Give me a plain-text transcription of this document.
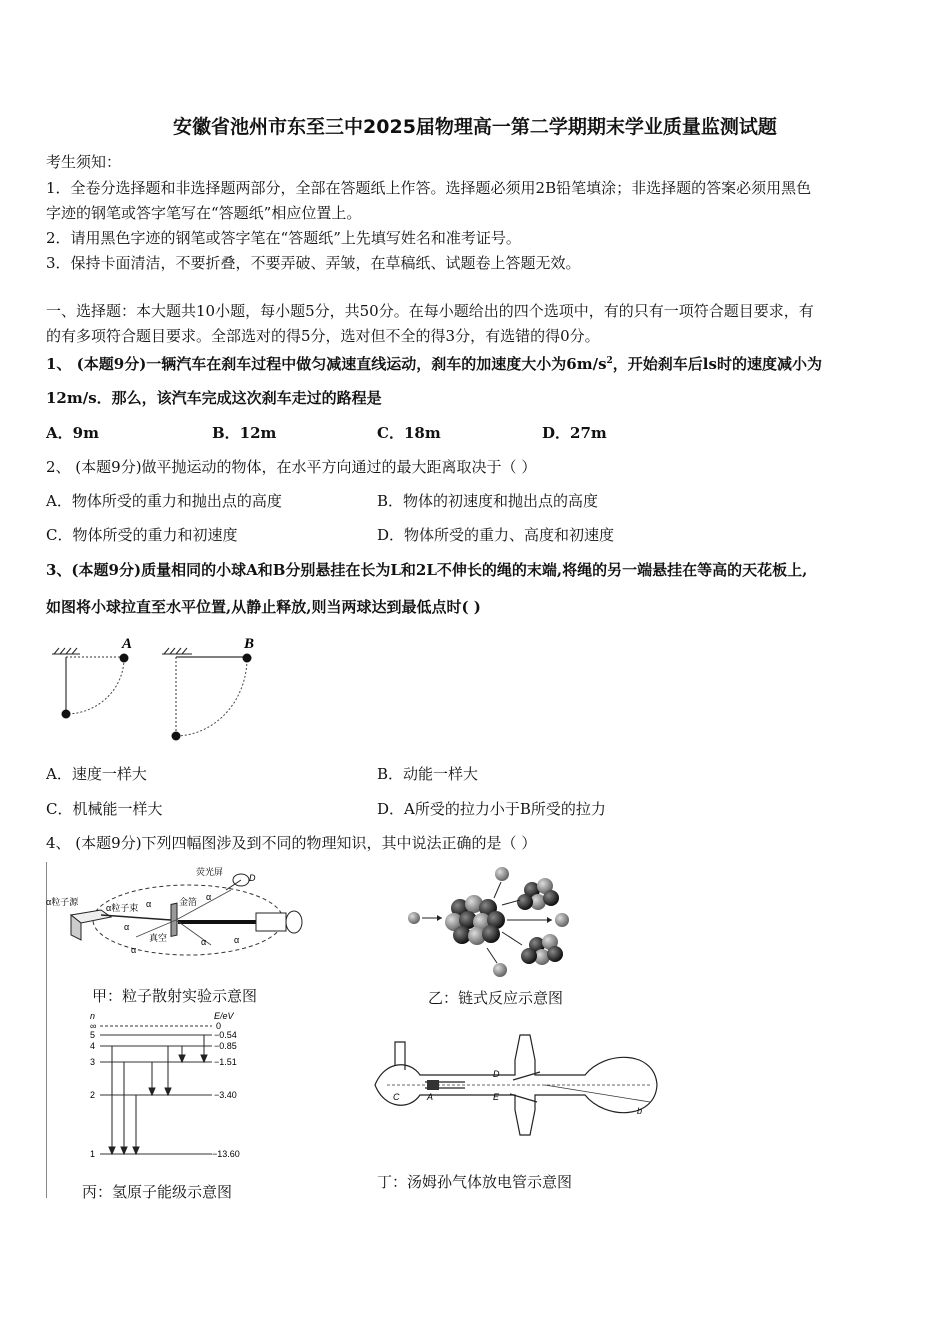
安徽省池州市东至三中2025届物理高一第二学期期末学业质量监测试题
考生须知：
1．全卷分选择题和非选择题两部分，全部在答题纸上作答。选择题必须用2B铅笔填涂；非选择题的答案必须用黑色
字迹的钢笔或答字笔写在“答题纸”相应位置上。
2．请用黑色字迹的钢笔或答字笔在“答题纸”上先填写姓名和准考证号。
3．保持卡面清洁，不要折叠，不要弄破、弄皱，在草稿纸、试题卷上答题无效。
一、选择题：本大题共10小题，每小题5分，共50分。在每小题给出的四个选项中，有的只有一项符合题目要求，有
的有多项符合题目要求。全部选对的得5分，选对但不全的得3分，有选错的得0分。
1、 (本题9分)一辆汽车在刹车过程中做匀减速直线运动，刹车的加速度大小为$6m/s^2$，开始刹车后ls时的速度减小为
12m/s．那么，该汽车完成这次刹车走过的路程是
A．9m	B．12m	C．18m	D．27m
2、 (本题9分)做平抛运动的物体，在水平方向通过的最大距离取决于（ ）
A．物体所受的重力和抛出点的高度	B．物体的初速度和抛出点的高度
C．物体所受的重力和初速度	D．物体所受的重力、高度和初速度
3、(本题9分)质量相同的小球A和B分别悬挂在长为L和2L不伸长的绳的末端,将绳的另一端悬挂在等高的天花板上,
如图将小球拉直至水平位置,从静止释放,则当两球达到最低点时( )
A	B
A．速度一样大	B．动能一样大
C．机械能一样大	D．A所受的拉力小于B所受的拉力
4、 (本题9分)下列四幅图涉及到不同的物理知识，其中说法正确的是（ ）
α粒子源
α粒子束
金箔
荧光屏
真空
α
α
α
α	α
α
D
甲：粒子散射实验示意图	乙：链式反应示意图
n	E/eV
∞	0
5	−0.54
4	−0.85
3	−1.51
2	−3.40
1	−13.60
丙：氢原子能级示意图
C	A
D
E
b
丁：汤姆孙气体放电管示意图
